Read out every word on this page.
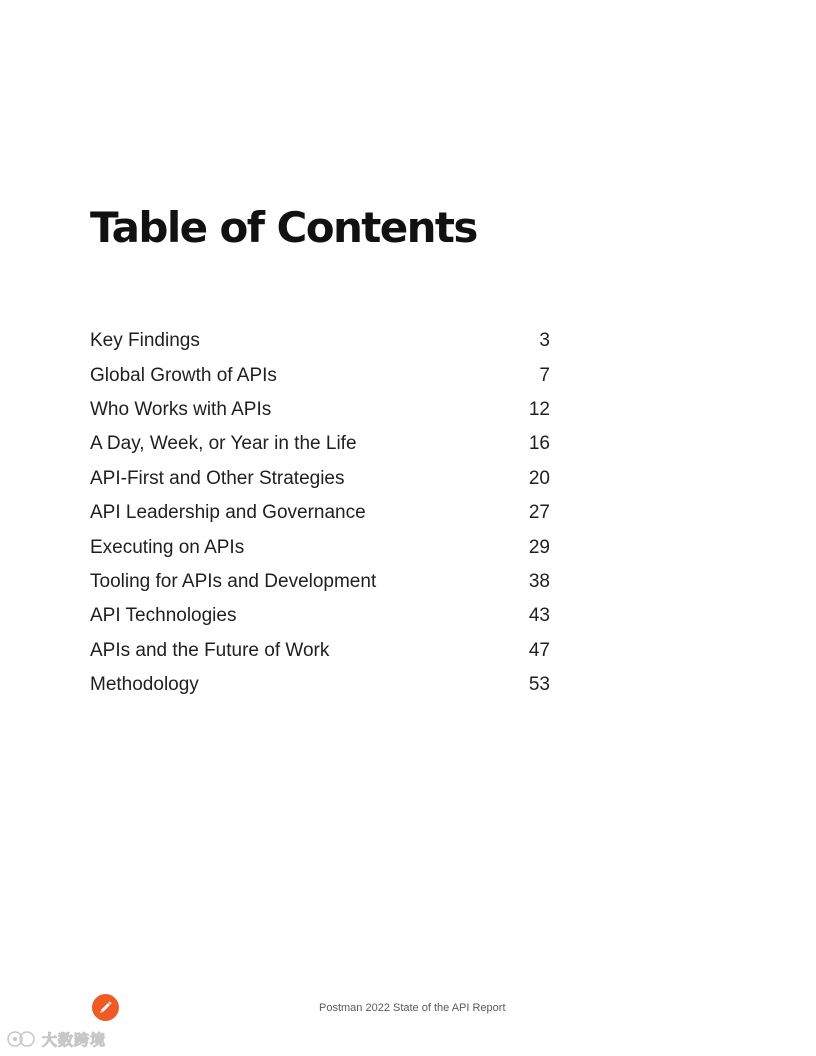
Table of Contents
Key Findings	3
Global Growth of APIs	7
Who Works with APIs	12
A Day, Week, or Year in the Life	16
API-First and Other Strategies	20
API Leadership and Governance	27
Executing on APIs	29
Tooling for APIs and Development	38
API Technologies	43
APIs and the Future of Work	47
Methodology	53
Postman 2022 State of the API Report
大数跨境
